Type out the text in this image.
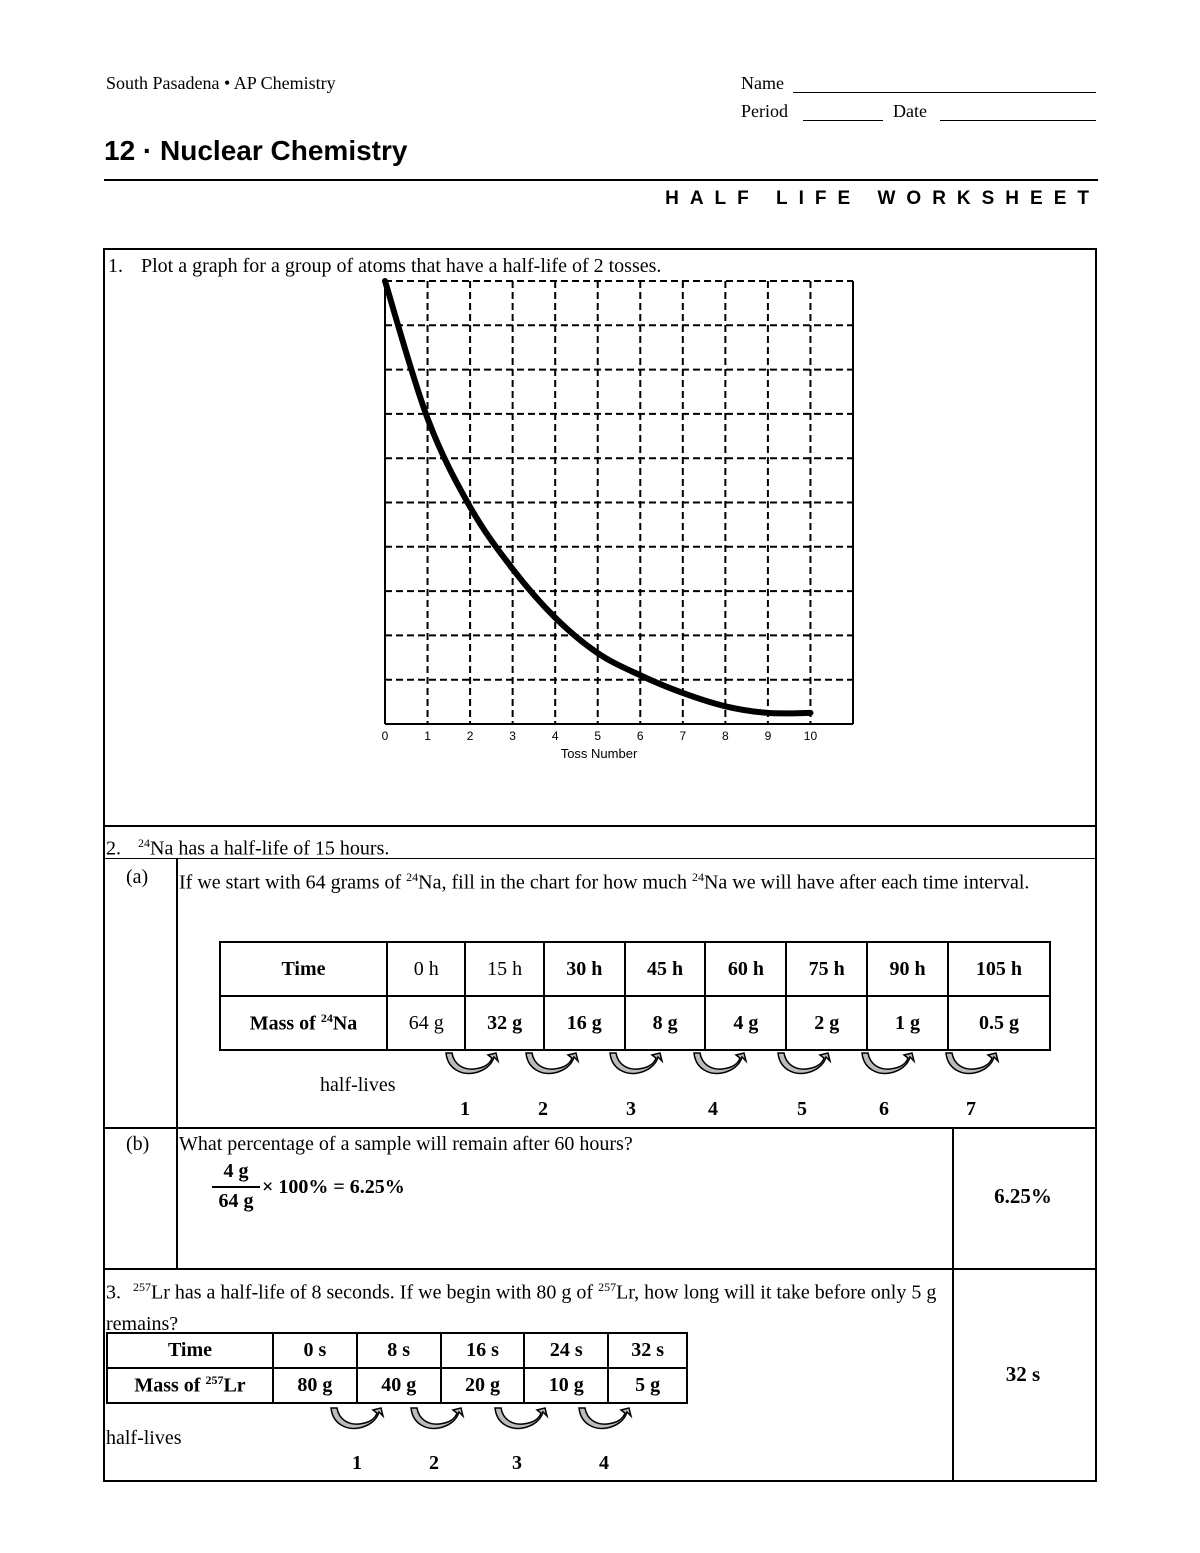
South Pasadena • AP Chemistry	Name
Period	Date
12 · Nuclear Chemistry
HALF LIFE WORKSHEET
1. Plot a graph for a group of atoms that have a half-life of 2 tosses.
0	1	2	3	4	5	6	7	8	9	10
Toss Number
2. $^{24}$Na has a half-life of 15 hours.
(a) If we start with 64 grams of $^{24}$Na, fill in the chart for how much $^{24}$Na we will have after each time interval.
Time	0 h	15 h	30 h	45 h	60 h	75 h	90 h	105 h
Mass of $^{24}$Na	64 g	32 g	16 g	8 g	4 g	2 g	1 g	0.5 g
half-lives
1	2	3	4	5	6	7
(b) What percentage of a sample will remain after 60 hours?
4 g
64 g
× 100% = 6.25%	6.25%
3. $^{257}$Lr has a half-life of 8 seconds. If we begin with 80 g of $^{257}$Lr, how long will it take before only 5 g remains?
Time	0 s	8 s	16 s	24 s	32 s
Mass of $^{257}$Lr	80 g	40 g	20 g	10 g	5 g
half-lives
1	2	3	4
32 s
